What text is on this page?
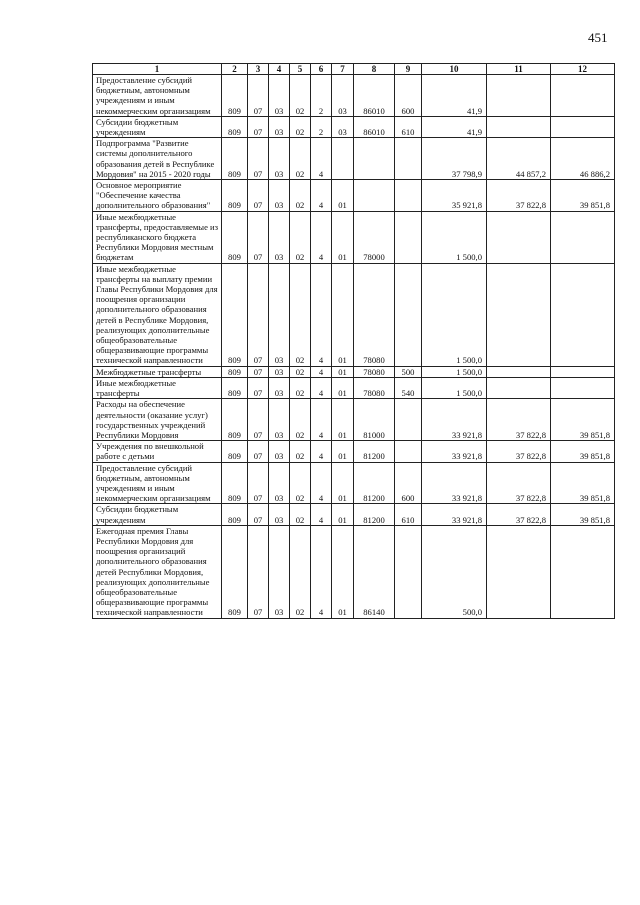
451
1	2	3	4	5	6	7	8	9	10	11	12
Предоставление субсидий бюджетным, автономным учреждениям и иным некоммерческим организациям	809	07	03	02	2	03	86010	600	41,9		
Субсидии бюджетным учреждениям	809	07	03	02	2	03	86010	610	41,9		
Подпрограмма "Развитие системы дополнительного образования детей в Республике Мордовия" на 2015 - 2020 годы	809	07	03	02	4				37 798,9	44 857,2	46 886,2
Основное мероприятие "Обеспечение качества дополнительного образования"	809	07	03	02	4	01			35 921,8	37 822,8	39 851,8
Иные межбюджетные трансферты, предоставляемые из республиканского бюджета Республики Мордовия местным бюджетам	809	07	03	02	4	01	78000		1 500,0		
Иные межбюджетные трансферты на выплату премии Главы Республики Мордовия для поощрения организации дополнительного образования детей в Республике Мордовия, реализующих дополнительные общеобразовательные общеразвивающие программы технической направленности	809	07	03	02	4	01	78080		1 500,0		
Межбюджетные трансферты	809	07	03	02	4	01	78080	500	1 500,0		
Иные межбюджетные трансферты	809	07	03	02	4	01	78080	540	1 500,0		
Расходы на обеспечение деятельности (оказание услуг) государственных учреждений Республики Мордовия	809	07	03	02	4	01	81000		33 921,8	37 822,8	39 851,8
Учреждения по внешкольной работе с детьми	809	07	03	02	4	01	81200		33 921,8	37 822,8	39 851,8
Предоставление субсидий бюджетным, автономным учреждениям и иным некоммерческим организациям	809	07	03	02	4	01	81200	600	33 921,8	37 822,8	39 851,8
Субсидии бюджетным учреждениям	809	07	03	02	4	01	81200	610	33 921,8	37 822,8	39 851,8
Ежегодная премия Главы Республики Мордовия для поощрения организаций дополнительного образования детей Республики Мордовия, реализующих дополнительные общеобразовательные общеразвивающие программы технической направленности	809	07	03	02	4	01	86140		500,0		
